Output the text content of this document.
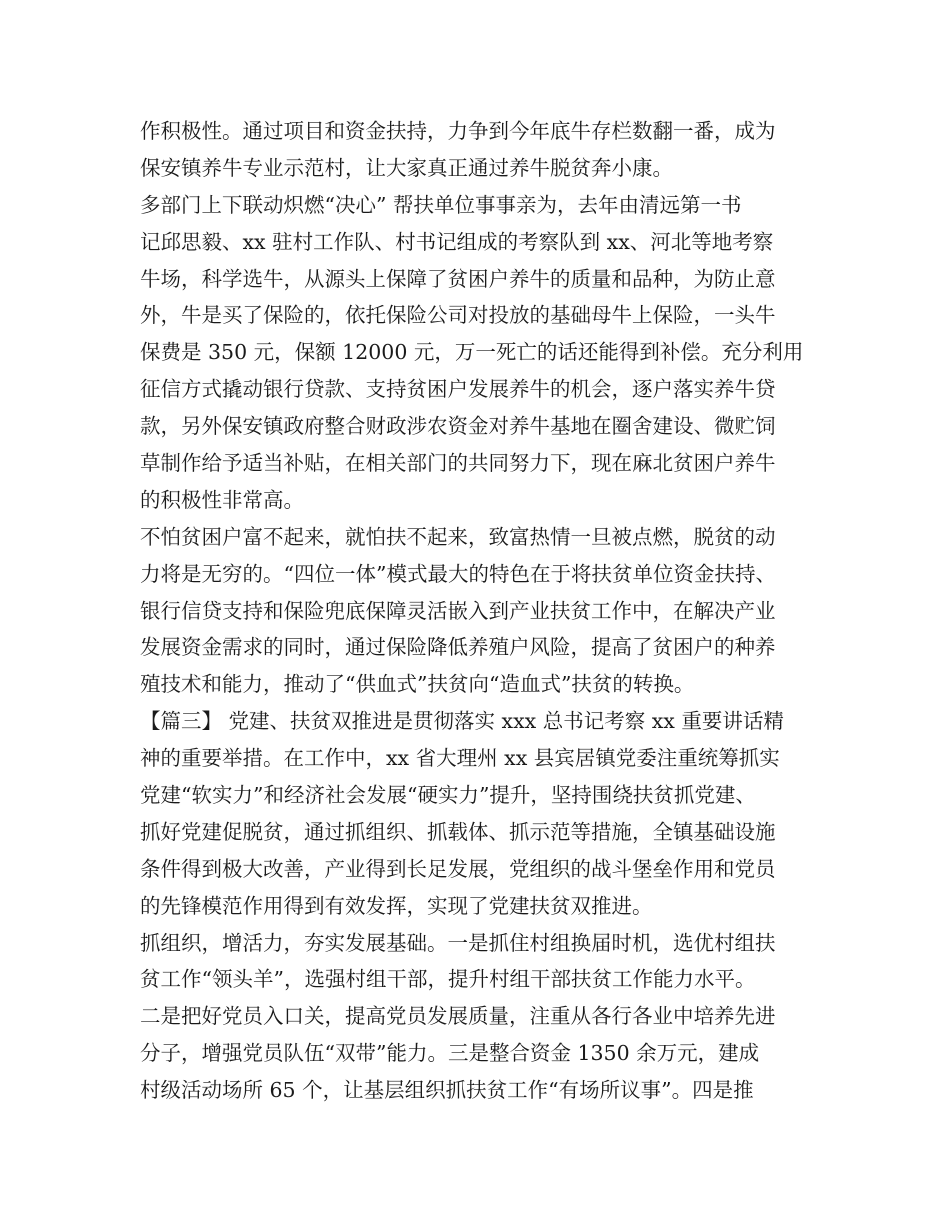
作积极性。通过项目和资金扶持，力争到今年底牛存栏数翻一番，成为
保安镇养牛专业示范村，让大家真正通过养牛脱贫奔小康。
多部门上下联动炽燃“决心” 帮扶单位事事亲为，去年由清远第一书
记邱思毅、xx 驻村工作队、村书记组成的考察队到 xx、河北等地考察
牛场，科学选牛，从源头上保障了贫困户养牛的质量和品种，为防止意
外，牛是买了保险的，依托保险公司对投放的基础母牛上保险，一头牛
保费是 350 元，保额 12000 元，万一死亡的话还能得到补偿。充分利用
征信方式撬动银行贷款、支持贫困户发展养牛的机会，逐户落实养牛贷
款，另外保安镇政府整合财政涉农资金对养牛基地在圈舍建设、微贮饲
草制作给予适当补贴，在相关部门的共同努力下，现在麻北贫困户养牛
的积极性非常高。
不怕贫困户富不起来，就怕扶不起来，致富热情一旦被点燃，脱贫的动
力将是无穷的。“四位一体”模式最大的特色在于将扶贫单位资金扶持、
银行信贷支持和保险兜底保障灵活嵌入到产业扶贫工作中，在解决产业
发展资金需求的同时，通过保险降低养殖户风险，提高了贫困户的种养
殖技术和能力，推动了“供血式”扶贫向“造血式”扶贫的转换。
【篇三】 党建、扶贫双推进是贯彻落实 xxx 总书记考察 xx 重要讲话精
神的重要举措。在工作中，xx 省大理州 xx 县宾居镇党委注重统筹抓实
党建“软实力”和经济社会发展“硬实力”提升，坚持围绕扶贫抓党建、
抓好党建促脱贫，通过抓组织、抓载体、抓示范等措施，全镇基础设施
条件得到极大改善，产业得到长足发展，党组织的战斗堡垒作用和党员
的先锋模范作用得到有效发挥，实现了党建扶贫双推进。
抓组织，增活力，夯实发展基础。一是抓住村组换届时机，选优村组扶
贫工作“领头羊”，选强村组干部，提升村组干部扶贫工作能力水平。
二是把好党员入口关，提高党员发展质量，注重从各行各业中培养先进
分子，增强党员队伍“双带”能力。三是整合资金 1350 余万元，建成
村级活动场所 65 个，让基层组织抓扶贫工作“有场所议事”。四是推
